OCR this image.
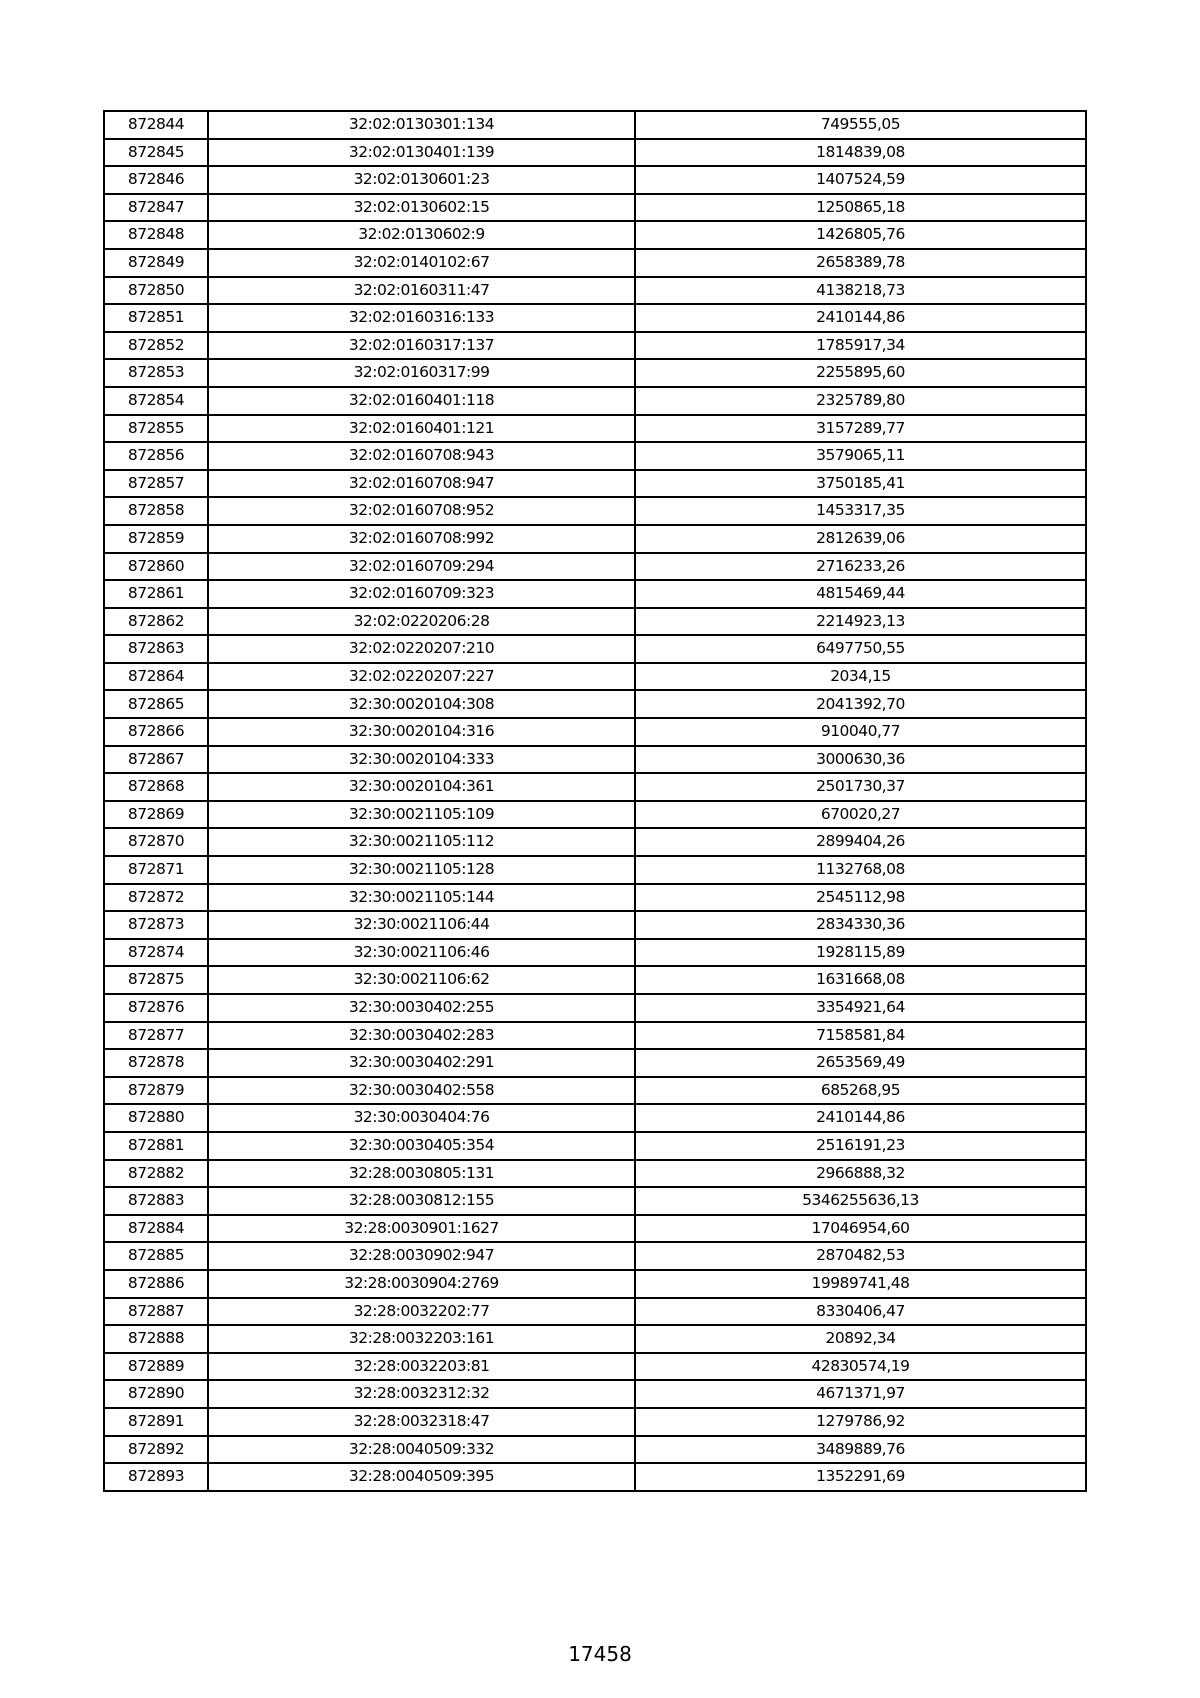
872844	32:02:0130301:134	749555,05
872845	32:02:0130401:139	1814839,08
872846	32:02:0130601:23	1407524,59
872847	32:02:0130602:15	1250865,18
872848	32:02:0130602:9	1426805,76
872849	32:02:0140102:67	2658389,78
872850	32:02:0160311:47	4138218,73
872851	32:02:0160316:133	2410144,86
872852	32:02:0160317:137	1785917,34
872853	32:02:0160317:99	2255895,60
872854	32:02:0160401:118	2325789,80
872855	32:02:0160401:121	3157289,77
872856	32:02:0160708:943	3579065,11
872857	32:02:0160708:947	3750185,41
872858	32:02:0160708:952	1453317,35
872859	32:02:0160708:992	2812639,06
872860	32:02:0160709:294	2716233,26
872861	32:02:0160709:323	4815469,44
872862	32:02:0220206:28	2214923,13
872863	32:02:0220207:210	6497750,55
872864	32:02:0220207:227	2034,15
872865	32:30:0020104:308	2041392,70
872866	32:30:0020104:316	910040,77
872867	32:30:0020104:333	3000630,36
872868	32:30:0020104:361	2501730,37
872869	32:30:0021105:109	670020,27
872870	32:30:0021105:112	2899404,26
872871	32:30:0021105:128	1132768,08
872872	32:30:0021105:144	2545112,98
872873	32:30:0021106:44	2834330,36
872874	32:30:0021106:46	1928115,89
872875	32:30:0021106:62	1631668,08
872876	32:30:0030402:255	3354921,64
872877	32:30:0030402:283	7158581,84
872878	32:30:0030402:291	2653569,49
872879	32:30:0030402:558	685268,95
872880	32:30:0030404:76	2410144,86
872881	32:30:0030405:354	2516191,23
872882	32:28:0030805:131	2966888,32
872883	32:28:0030812:155	5346255636,13
872884	32:28:0030901:1627	17046954,60
872885	32:28:0030902:947	2870482,53
872886	32:28:0030904:2769	19989741,48
872887	32:28:0032202:77	8330406,47
872888	32:28:0032203:161	20892,34
872889	32:28:0032203:81	42830574,19
872890	32:28:0032312:32	4671371,97
872891	32:28:0032318:47	1279786,92
872892	32:28:0040509:332	3489889,76
872893	32:28:0040509:395	1352291,69
17458
